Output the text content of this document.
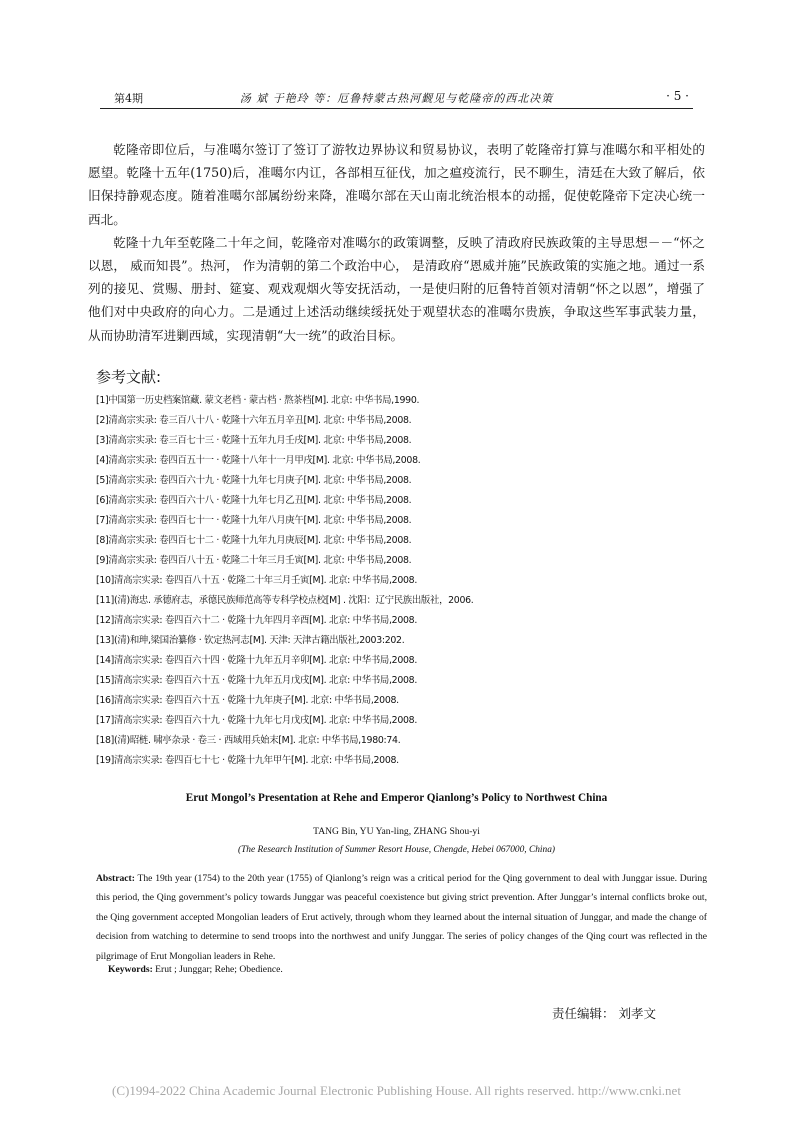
第4期	汤 斌 于艳玲 等：厄鲁特蒙古热河觐见与乾隆帝的西北决策	· 5 ·

乾隆帝即位后，与准噶尔签订了签订了游牧边界协议和贸易协议，表明了乾隆帝打算与准噶尔和平相处的愿望。乾隆十五年(1750)后，准噶尔内讧，各部相互征伐，加之瘟疫流行，民不聊生，清廷在大致了解后，依旧保持静观态度。随着准噶尔部属纷纷来降，准噶尔部在天山南北统治根本的动摇，促使乾隆帝下定决心统一西北。

乾隆十九年至乾隆二十年之间，乾隆帝对准噶尔的政策调整，反映了清政府民族政策的主导思想－－“怀之以恩， 威而知畏”。热河， 作为清朝的第二个政治中心， 是清政府“恩威并施”民族政策的实施之地。通过一系列的接见、赏赐、册封、筵宴、观戏观烟火等安抚活动，一是使归附的厄鲁特首领对清朝“怀之以恩”，增强了他们对中央政府的向心力。二是通过上述活动继续绥抚处于观望状态的准噶尔贵族，争取这些军事武装力量，从而协助清军进剿西域，实现清朝“大一统”的政治目标。

参考文献:
[1]中国第一历史档案馆藏. 蒙文老档 · 蒙古档 · 熬茶档[M]. 北京: 中华书局,1990.
[2]清高宗实录: 卷三百八十八 · 乾隆十六年五月辛丑[M]. 北京: 中华书局,2008.
[3]清高宗实录: 卷三百七十三 · 乾隆十五年九月壬戌[M]. 北京: 中华书局,2008.
[4]清高宗实录: 卷四百五十一 · 乾隆十八年十一月甲戌[M]. 北京: 中华书局,2008.
[5]清高宗实录: 卷四百六十九 · 乾隆十九年七月庚子[M]. 北京: 中华书局,2008.
[6]清高宗实录: 卷四百六十八 · 乾隆十九年七月乙丑[M]. 北京: 中华书局,2008.
[7]清高宗实录: 卷四百七十一 · 乾隆十九年八月庚午[M]. 北京: 中华书局,2008.
[8]清高宗实录: 卷四百七十二 · 乾隆十九年九月庚辰[M]. 北京: 中华书局,2008.
[9]清高宗实录: 卷四百八十五 · 乾隆二十年三月壬寅[M]. 北京: 中华书局,2008.
[10]清高宗实录: 卷四百八十五 · 乾隆二十年三月壬寅[M]. 北京: 中华书局,2008.
[11](清)海忠. 承德府志，承德民族师范高等专科学校点校[M] . 沈阳：辽宁民族出版社，2006.
[12]清高宗实录: 卷四百六十二 · 乾隆十九年四月辛酉[M]. 北京: 中华书局,2008.
[13](清)和珅,梁国治纂修 · 钦定热河志[M]. 天津: 天津古籍出版社,2003:202.
[14]清高宗实录: 卷四百六十四 · 乾隆十九年五月辛卯[M]. 北京: 中华书局,2008.
[15]清高宗实录: 卷四百六十五 · 乾隆十九年五月戊戌[M]. 北京: 中华书局,2008.
[16]清高宗实录: 卷四百六十五 · 乾隆十九年庚子[M]. 北京: 中华书局,2008.
[17]清高宗实录: 卷四百六十九 · 乾隆十九年七月戊戌[M]. 北京: 中华书局,2008.
[18](清)昭梿. 啸亭杂录 · 卷三 · 西域用兵始末[M]. 北京: 中华书局,1980:74.
[19]清高宗实录: 卷四百七十七 · 乾隆十九年甲午[M]. 北京: 中华书局,2008.
Erut Mongol’s Presentation at Rehe and Emperor Qianlong’s Policy to Northwest China
TANG Bin, YU Yan-ling, ZHANG Shou-yi
(The Research Institution of Summer Resort House, Chengde, Hebei 067000, China)

Abstract: The 19th year (1754) to the 20th year (1755) of Qianlong’s reign was a critical period for the Qing government to deal with Junggar issue. During this period, the Qing government’s policy towards Junggar was peaceful coexistence but giving strict prevention. After Junggar’s internal conflicts broke out, the Qing government accepted Mongolian leaders of Erut actively, through whom they learned about the internal situation of Junggar, and made the change of decision from watching to determine to send troops into the northwest and unify Junggar. The series of policy changes of the Qing court was reflected in the pilgrimage of Erut Mongolian leaders in Rehe.

Keywords: Erut ; Junggar; Rehe; Obedience.
责任编辑： 刘孝文
(C)1994-2022 China Academic Journal Electronic Publishing House. All rights reserved. http://www.cnki.net
